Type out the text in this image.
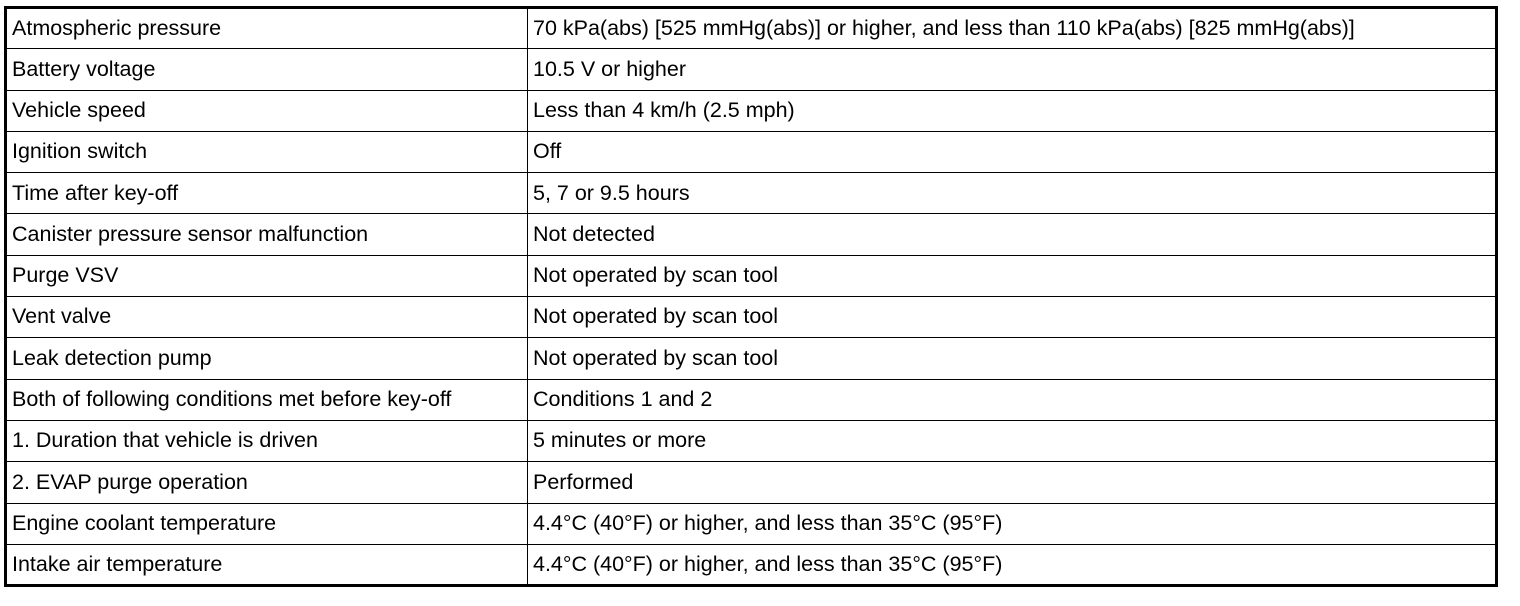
Atmospheric pressure	70 kPa(abs) [525 mmHg(abs)] or higher, and less than 110 kPa(abs) [825 mmHg(abs)]
Battery voltage	10.5 V or higher
Vehicle speed	Less than 4 km/h (2.5 mph)
Ignition switch	Off
Time after key-off	5, 7 or 9.5 hours
Canister pressure sensor malfunction	Not detected
Purge VSV	Not operated by scan tool
Vent valve	Not operated by scan tool
Leak detection pump	Not operated by scan tool
Both of following conditions met before key-off	Conditions 1 and 2
1. Duration that vehicle is driven	5 minutes or more
2. EVAP purge operation	Performed
Engine coolant temperature	4.4°C (40°F) or higher, and less than 35°C (95°F)
Intake air temperature	4.4°C (40°F) or higher, and less than 35°C (95°F)
